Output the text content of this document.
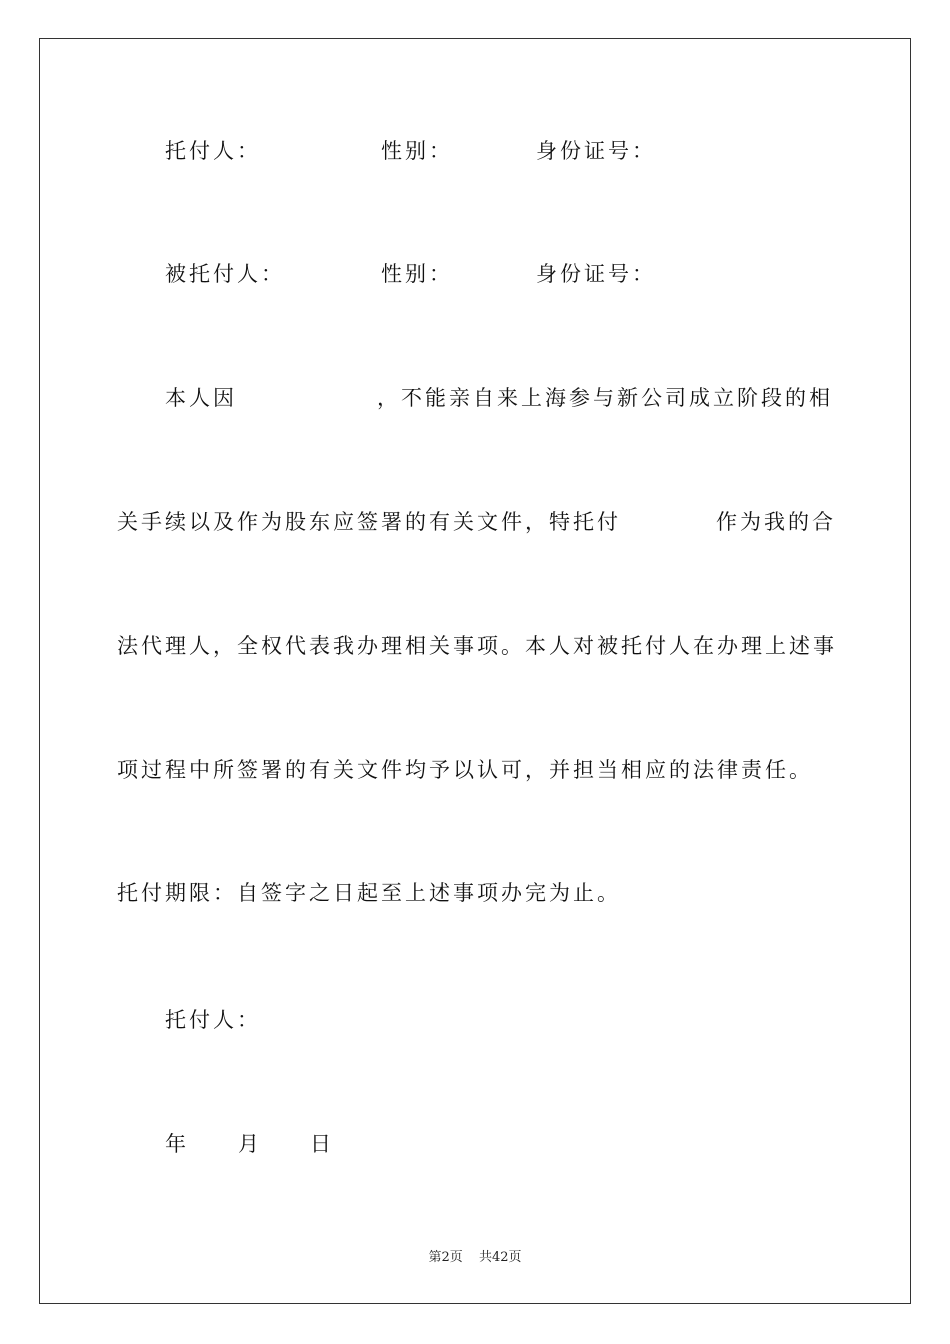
托付人：	性别：	身份证号：
被托付人：	性别：	身份证号：
本人因	，不能亲自来上海参与新公司成立阶段的相
关手续以及作为股东应签署的有关文件，特托付	作为我的合
法代理人，全权代表我办理相关事项。本人对被托付人在办理上述事
项过程中所签署的有关文件均予以认可，并担当相应的法律责任。
托付期限：自签字之日起至上述事项办完为止。
托付人：
年 月 日
第2页 共42页
